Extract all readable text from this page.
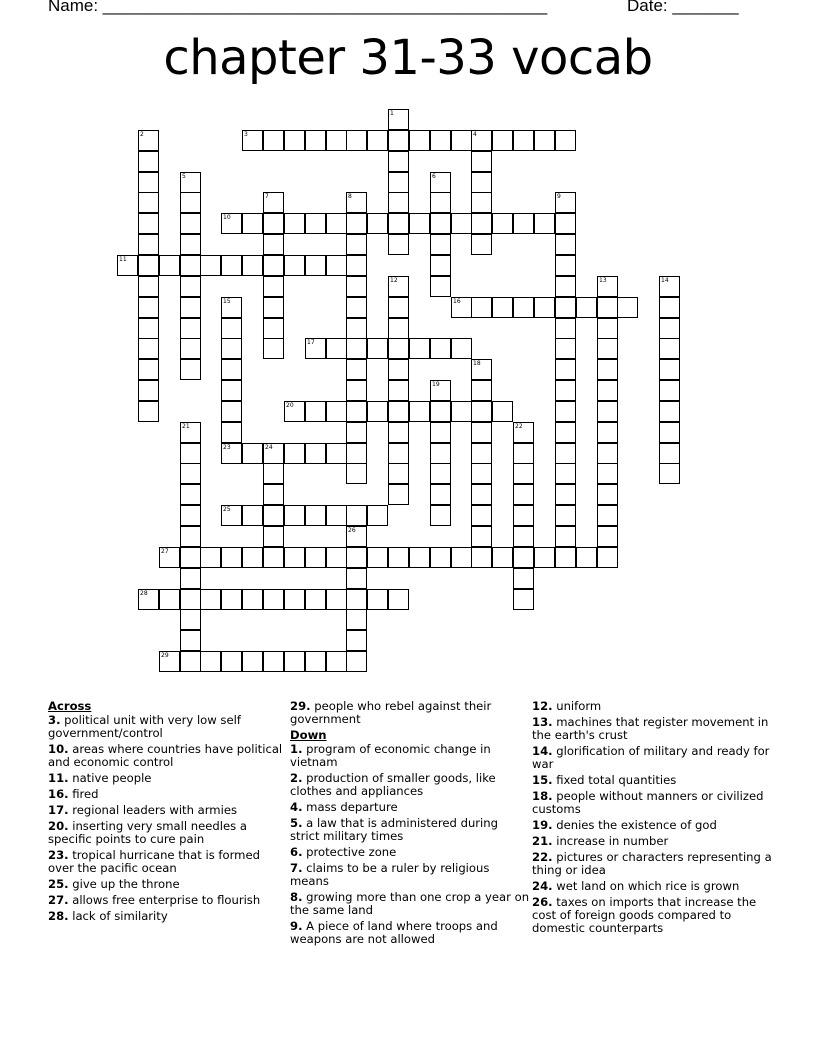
Name: _______________________________________________	Date: _______
chapter 31-33 vocab
1
2	3	4
5	6
7	8	9
10
11
12	13	14
15	16
17
18
19
20
21	22
23	24
25
26
27
28
29
Across
3. political unit with very low self government/control
10. areas where countries have political and economic control
11. native people
16. fired
17. regional leaders with armies
20. inserting very small needles a specific points to cure pain
23. tropical hurricane that is formed over the pacific ocean
25. give up the throne
27. allows free enterprise to flourish
28. lack of similarity
29. people who rebel against their government
Down
1. program of economic change in vietnam
2. production of smaller goods, like clothes and appliances
4. mass departure
5. a law that is administered during strict military times
6. protective zone
7. claims to be a ruler by religious means
8. growing more than one crop a year on the same land
9. A piece of land where troops and weapons are not allowed
12. uniform
13. machines that register movement in the earth's crust
14. glorification of military and ready for war
15. fixed total quantities
18. people without manners or civilized customs
19. denies the existence of god
21. increase in number
22. pictures or characters representing a thing or idea
24. wet land on which rice is grown
26. taxes on imports that increase the cost of foreign goods compared to domestic counterparts
